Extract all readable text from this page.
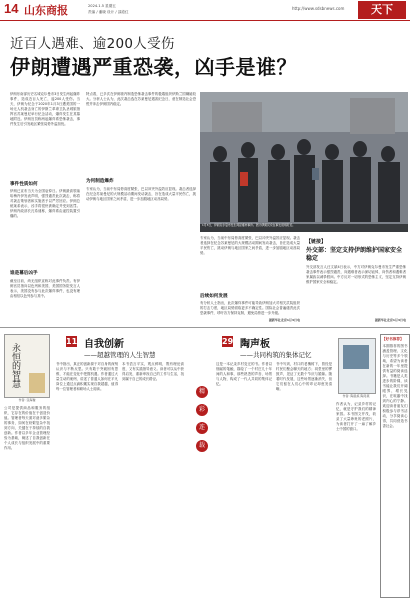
14 山东商报	2024.1.5 星期五
责编 / 潘晓 设计 / 邵道红
http://www.sdsbnews.com	天下
近百人遇难、逾200人受伤
伊朗遭遇严重恐袭，凶手是谁？
伊朗东南部历史名城克尔曼市3日发生两起爆炸事件，造成近百人死亡，逾200人受伤。当天，伊朗为纪念于2020年1月3日遭美国的一场无人机袭击身亡的伊斯兰革命卫队圣城旅指挥官苏莱曼尼举行纪念活动，爆炸发生在其墓地附近。伊朗官员称两起爆炸系恐怖袭击，事件发生后引发地区紧张局势外溢担忧。
事件性质如何
伊朗已宣布当天为全国哀悼日。伊朗最高领袖哈梅内伊发表声明，强烈谴责此次袭击，称将对袭击策划者和实施者予以严厉回应。伊朗总统莱希表示，凶手将很快被确定并受到惩罚。伊朗内政部长瓦希迪称，爆炸系由遥控装置引爆的。
谁是幕后凶手
截至目前，尚无组织宣称对此事件负责。有伊朗官员指向以色列和美国，美国国务院发言人表示，美国没有参与此次爆炸事件，也没有理由相信以色列参与其中。
特点看，已多次在伊朗境内制造恐怖袭击事件的极端组织伊斯兰国嫌疑较大。分析人士认为，此次袭击选在苏莱曼尼遇害纪念日，意在制造社会恐慌并冲击伊朗国内稳定。
为何制造爆炸
专家认为，当前中东局势高度紧张，巴以冲突外溢效应显现。袭击者选择在纪念苏莱曼尼的大规模活动期间发动袭击，旨在造成大量平民伤亡，挑动伊朗与地区国家之间矛盾，进一步加剧地区动荡局势。
1月3日，伊朗克尔曼市发生两起爆炸事件。图为伊朗民众在事发现场附近。
专家认为，当前中东局势高度紧张，巴以冲突外溢效应显现。袭击者选择在纪念苏莱曼尼的大规模活动期间发动袭击，旨在造成大量平民伤亡，挑动伊朗与地区国家之间矛盾，进一步加剧地区动荡局势。
后续如何发展
有分析人士指出，此次爆炸事件可能导致伊朗加大对相关武装组织的打击力度，地区局势面临更多不确定性。国际社会普遍谴责此次恐袭事件，呼吁各方保持克制，避免局势进一步升级。
据新华社北京1月4日电
【链接】
外交部：坚定支持伊朗维护国家安全稳定
外交部发言人汪文斌4日表示，中方对伊朗克尔曼市发生严重恐怖袭击事件表示强烈谴责，向遇难者表示深切哀悼，向伤者和遇难者家属致以诚挚慰问。中方反对一切形式的恐怖主义，坚定支持伊朗维护国家安全和稳定。
据新华社北京1月4日电
永恒的智慧
作者: 张海璇
公司是提供商品和服务的组织，它存在的价值在于创造价值。管理者每天面对诸多繁杂的事务，如何在纷繁复杂中找到方向，关键在于持续的自我创新。作者以多年企业管理经验为基础，阐述了自我创新在个人成长与组织发展中的重要作用。
11 自我创新
——超越管理的人生智慧
书中指出，真正的创新源于对自身的深刻认识与不断反思。只有敢于突破固有思维，才能在变化中把握机遇。作者通过大量生动的案例，讲述了普通人如何在平凡岗位上通过点滴积累实现自我超越，值得每一位管理者和职场人士阅读。
本书语言平实，观点鲜明，既有理论高度，又有实践指导意义。读者可以从中获得启发，重新审视自己的工作与生活，找到属于自己的成长路径。
精
彩
连
载
29 陶声板
——共同构筑的集体记忆
这是一本记录乡村变迁的书。作者以细腻的笔触，描绘了一个村庄几十年间的人和事，那些熟悉的声音、场景与人物，构成了一代人共同的集体记忆。
书中写到，村口的老槐树下，曾经是村民们聚会聊天的地方；祠堂里的锣鼓声，见证了无数个节庆与婚嫁。随着时代发展，这些场景逐渐消失，但它们留在人们心中的印记却愈发清晰。
作者: 陶昌炼 陶丹燕
作者认为，记录乡村的记忆，就是守护我们的精神家园。本书图文并茂，收录了大量珍贵的老照片，为读者打开了一扇了解乡土中国的窗口。
【好书推荐】
本期推荐的图书涵盖管理、文化与历史等多个领域，希望为读者在新的一年里提供有益的阅读选择。书籍是人类进步的阶梯，读书能让我们开阔眼界、增长见识，在喧嚣中找到内心的宁静。欢迎读者朋友们积极参与荐书活动，分享阅读心得，共同营造书香社会。
